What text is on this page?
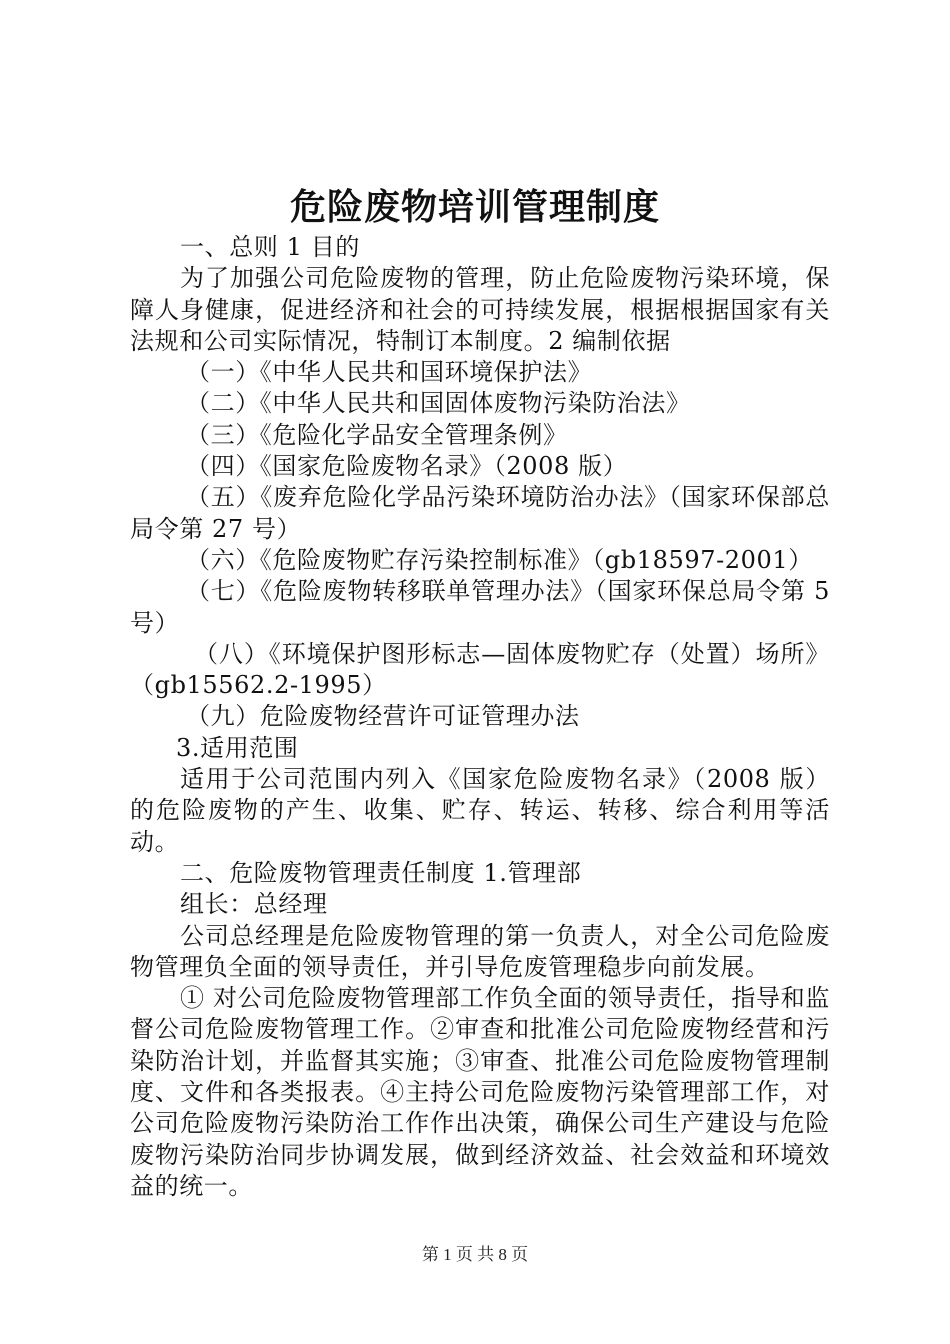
危险废物培训管理制度

一、总则 1 目的

为了加强公司危险废物的管理，防止危险废物污染环境，保障人身健康，促进经济和社会的可持续发展，根据根据国家有关法规和公司实际情况，特制订本制度。2 编制依据

（一）《中华人民共和国环境保护法》

（二）《中华人民共和国固体废物污染防治法》

（三）《危险化学品安全管理条例》

（四）《国家危险废物名录》（2008 版）

（五）《废弃危险化学品污染环境防治办法》（国家环保部总局令第 27 号）

（六）《危险废物贮存污染控制标准》（gb18597-2001）

（七）《危险废物转移联单管理办法》（国家环保总局令第 5 号）

（八）《环境保护图形标志—固体废物贮存（处置）场所》（gb15562.2-1995）

（九）危险废物经营许可证管理办法

3.适用范围

适用于公司范围内列入《国家危险废物名录》（2008 版）的危险废物的产生、收集、贮存、转运、转移、综合利用等活动。

二、危险废物管理责任制度 1.管理部

组长：总经理

公司总经理是危险废物管理的第一负责人，对全公司危险废物管理负全面的领导责任，并引导危废管理稳步向前发展。

① 对公司危险废物管理部工作负全面的领导责任，指导和监督公司危险废物管理工作。②审查和批准公司危险废物经营和污染防治计划，并监督其实施；③审查、批准公司危险废物管理制度、文件和各类报表。④主持公司危险废物污染管理部工作，对公司危险废物污染防治工作作出决策，确保公司生产建设与危险废物污染防治同步协调发展，做到经济效益、社会效益和环境效益的统一。

第 1 页 共 8 页
